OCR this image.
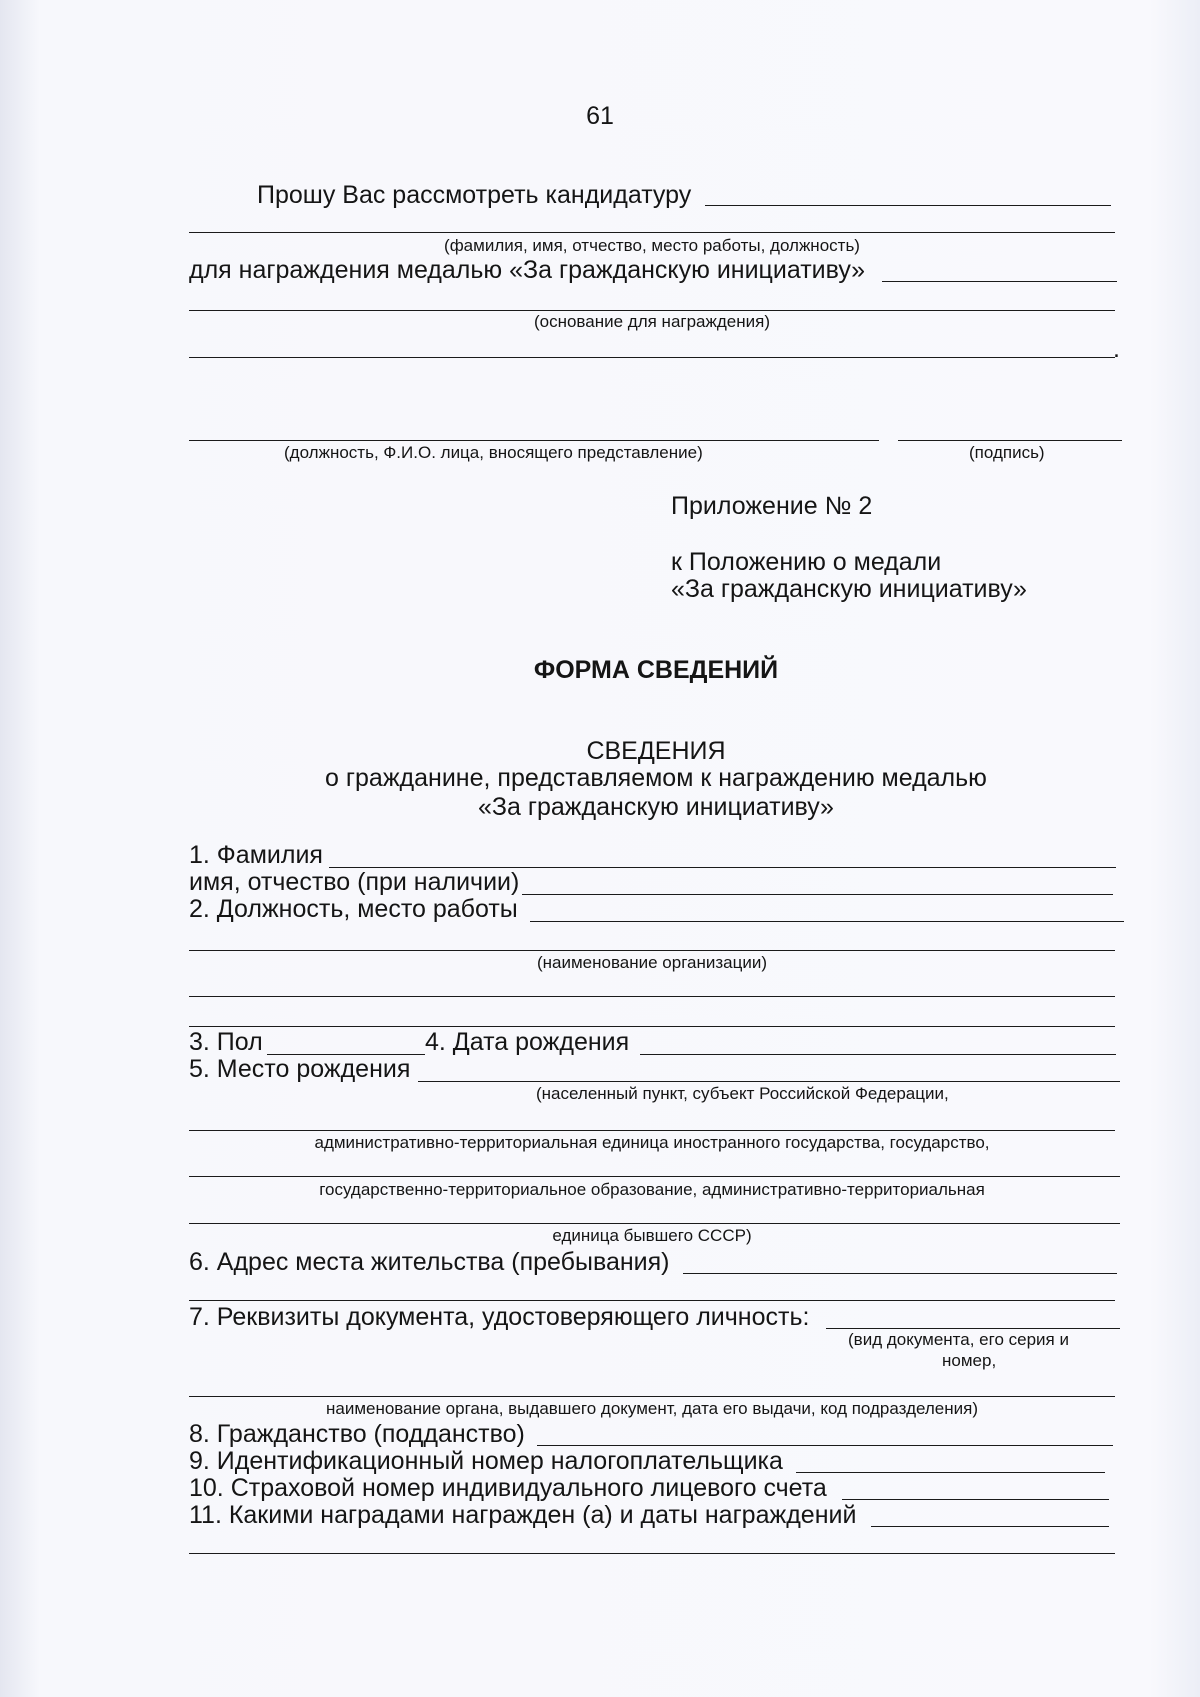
61
Прошу Вас рассмотреть кандидатуру
(фамилия, имя, отчество, место работы, должность)
для награждения медалью «За гражданскую инициативу»
(основание для награждения)
.
(должность, Ф.И.О. лица, вносящего представление)	(подпись)
Приложение № 2
к Положению о медали
«За гражданскую инициативу»
ФОРМА СВЕДЕНИЙ
СВЕДЕНИЯ
о гражданине, представляемом к награждению медалью
«За гражданскую инициативу»
1. Фамилия
имя, отчество (при наличии)
2. Должность, место работы
(наименование организации)
3. Пол	4. Дата рождения
5. Место рождения
(населенный пункт, субъект Российской Федерации,
административно-территориальная единица иностранного государства, государство,
государственно-территориальное образование, административно-территориальная
единица бывшего СССР)
6. Адрес места жительства (пребывания)
7. Реквизиты документа, удостоверяющего личность:
(вид документа, его серия и
номер,
наименование органа, выдавшего документ, дата его выдачи, код подразделения)
8. Гражданство (подданство)
9. Идентификационный номер налогоплательщика
10. Страховой номер индивидуального лицевого счета
11. Какими наградами награжден (а) и даты награждений
